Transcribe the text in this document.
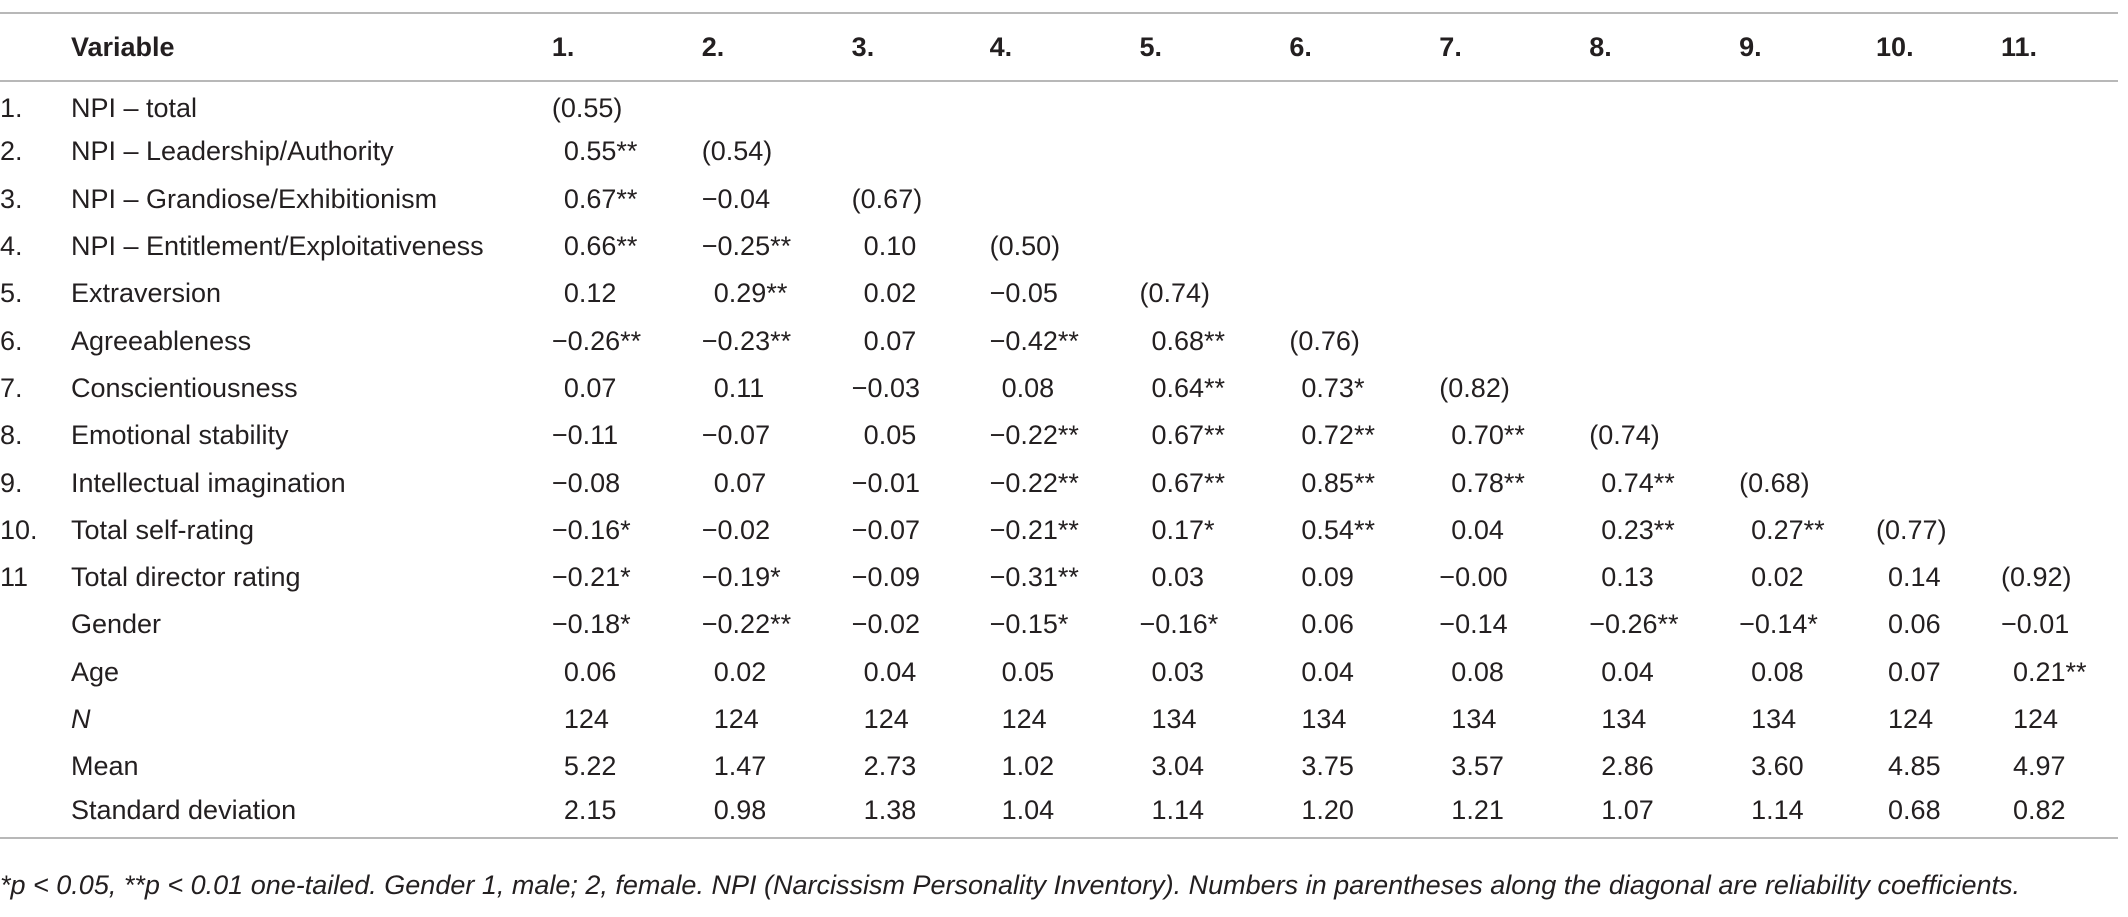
	Variable	1.	2.	3.	4.	5.	6.	7.	8.	9.	10.	11.
1.	NPI – total	(0.55)										
2.	NPI – Leadership/Authority	0.55**	(0.54)									
3.	NPI – Grandiose/Exhibitionism	0.67**	−0.04	(0.67)								
4.	NPI – Entitlement/Exploitativeness	0.66**	−0.25**	0.10	(0.50)							
5.	Extraversion	0.12	0.29**	0.02	−0.05	(0.74)						
6.	Agreeableness	−0.26**	−0.23**	0.07	−0.42**	0.68**	(0.76)					
7.	Conscientiousness	0.07	0.11	−0.03	0.08	0.64**	0.73*	(0.82)				
8.	Emotional stability	−0.11	−0.07	0.05	−0.22**	0.67**	0.72**	0.70**	(0.74)			
9.	Intellectual imagination	−0.08	0.07	−0.01	−0.22**	0.67**	0.85**	0.78**	0.74**	(0.68)		
10.	Total self-rating	−0.16*	−0.02	−0.07	−0.21**	0.17*	0.54**	0.04	0.23**	0.27**	(0.77)	
11	Total director rating	−0.21*	−0.19*	−0.09	−0.31**	0.03	0.09	−0.00	0.13	0.02	0.14	(0.92)
	Gender	−0.18*	−0.22**	−0.02	−0.15*	−0.16*	0.06	−0.14	−0.26**	−0.14*	0.06	−0.01
	Age	0.06	0.02	0.04	0.05	0.03	0.04	0.08	0.04	0.08	0.07	0.21**
	N	124	124	124	124	134	134	134	134	134	124	124
	Mean	5.22	1.47	2.73	1.02	3.04	3.75	3.57	2.86	3.60	4.85	4.97
	Standard deviation	2.15	0.98	1.38	1.04	1.14	1.20	1.21	1.07	1.14	0.68	0.82
*p < 0.05, **p < 0.01 one-tailed. Gender 1, male; 2, female. NPI (Narcissism Personality Inventory). Numbers in parentheses along the diagonal are reliability coefficients.
